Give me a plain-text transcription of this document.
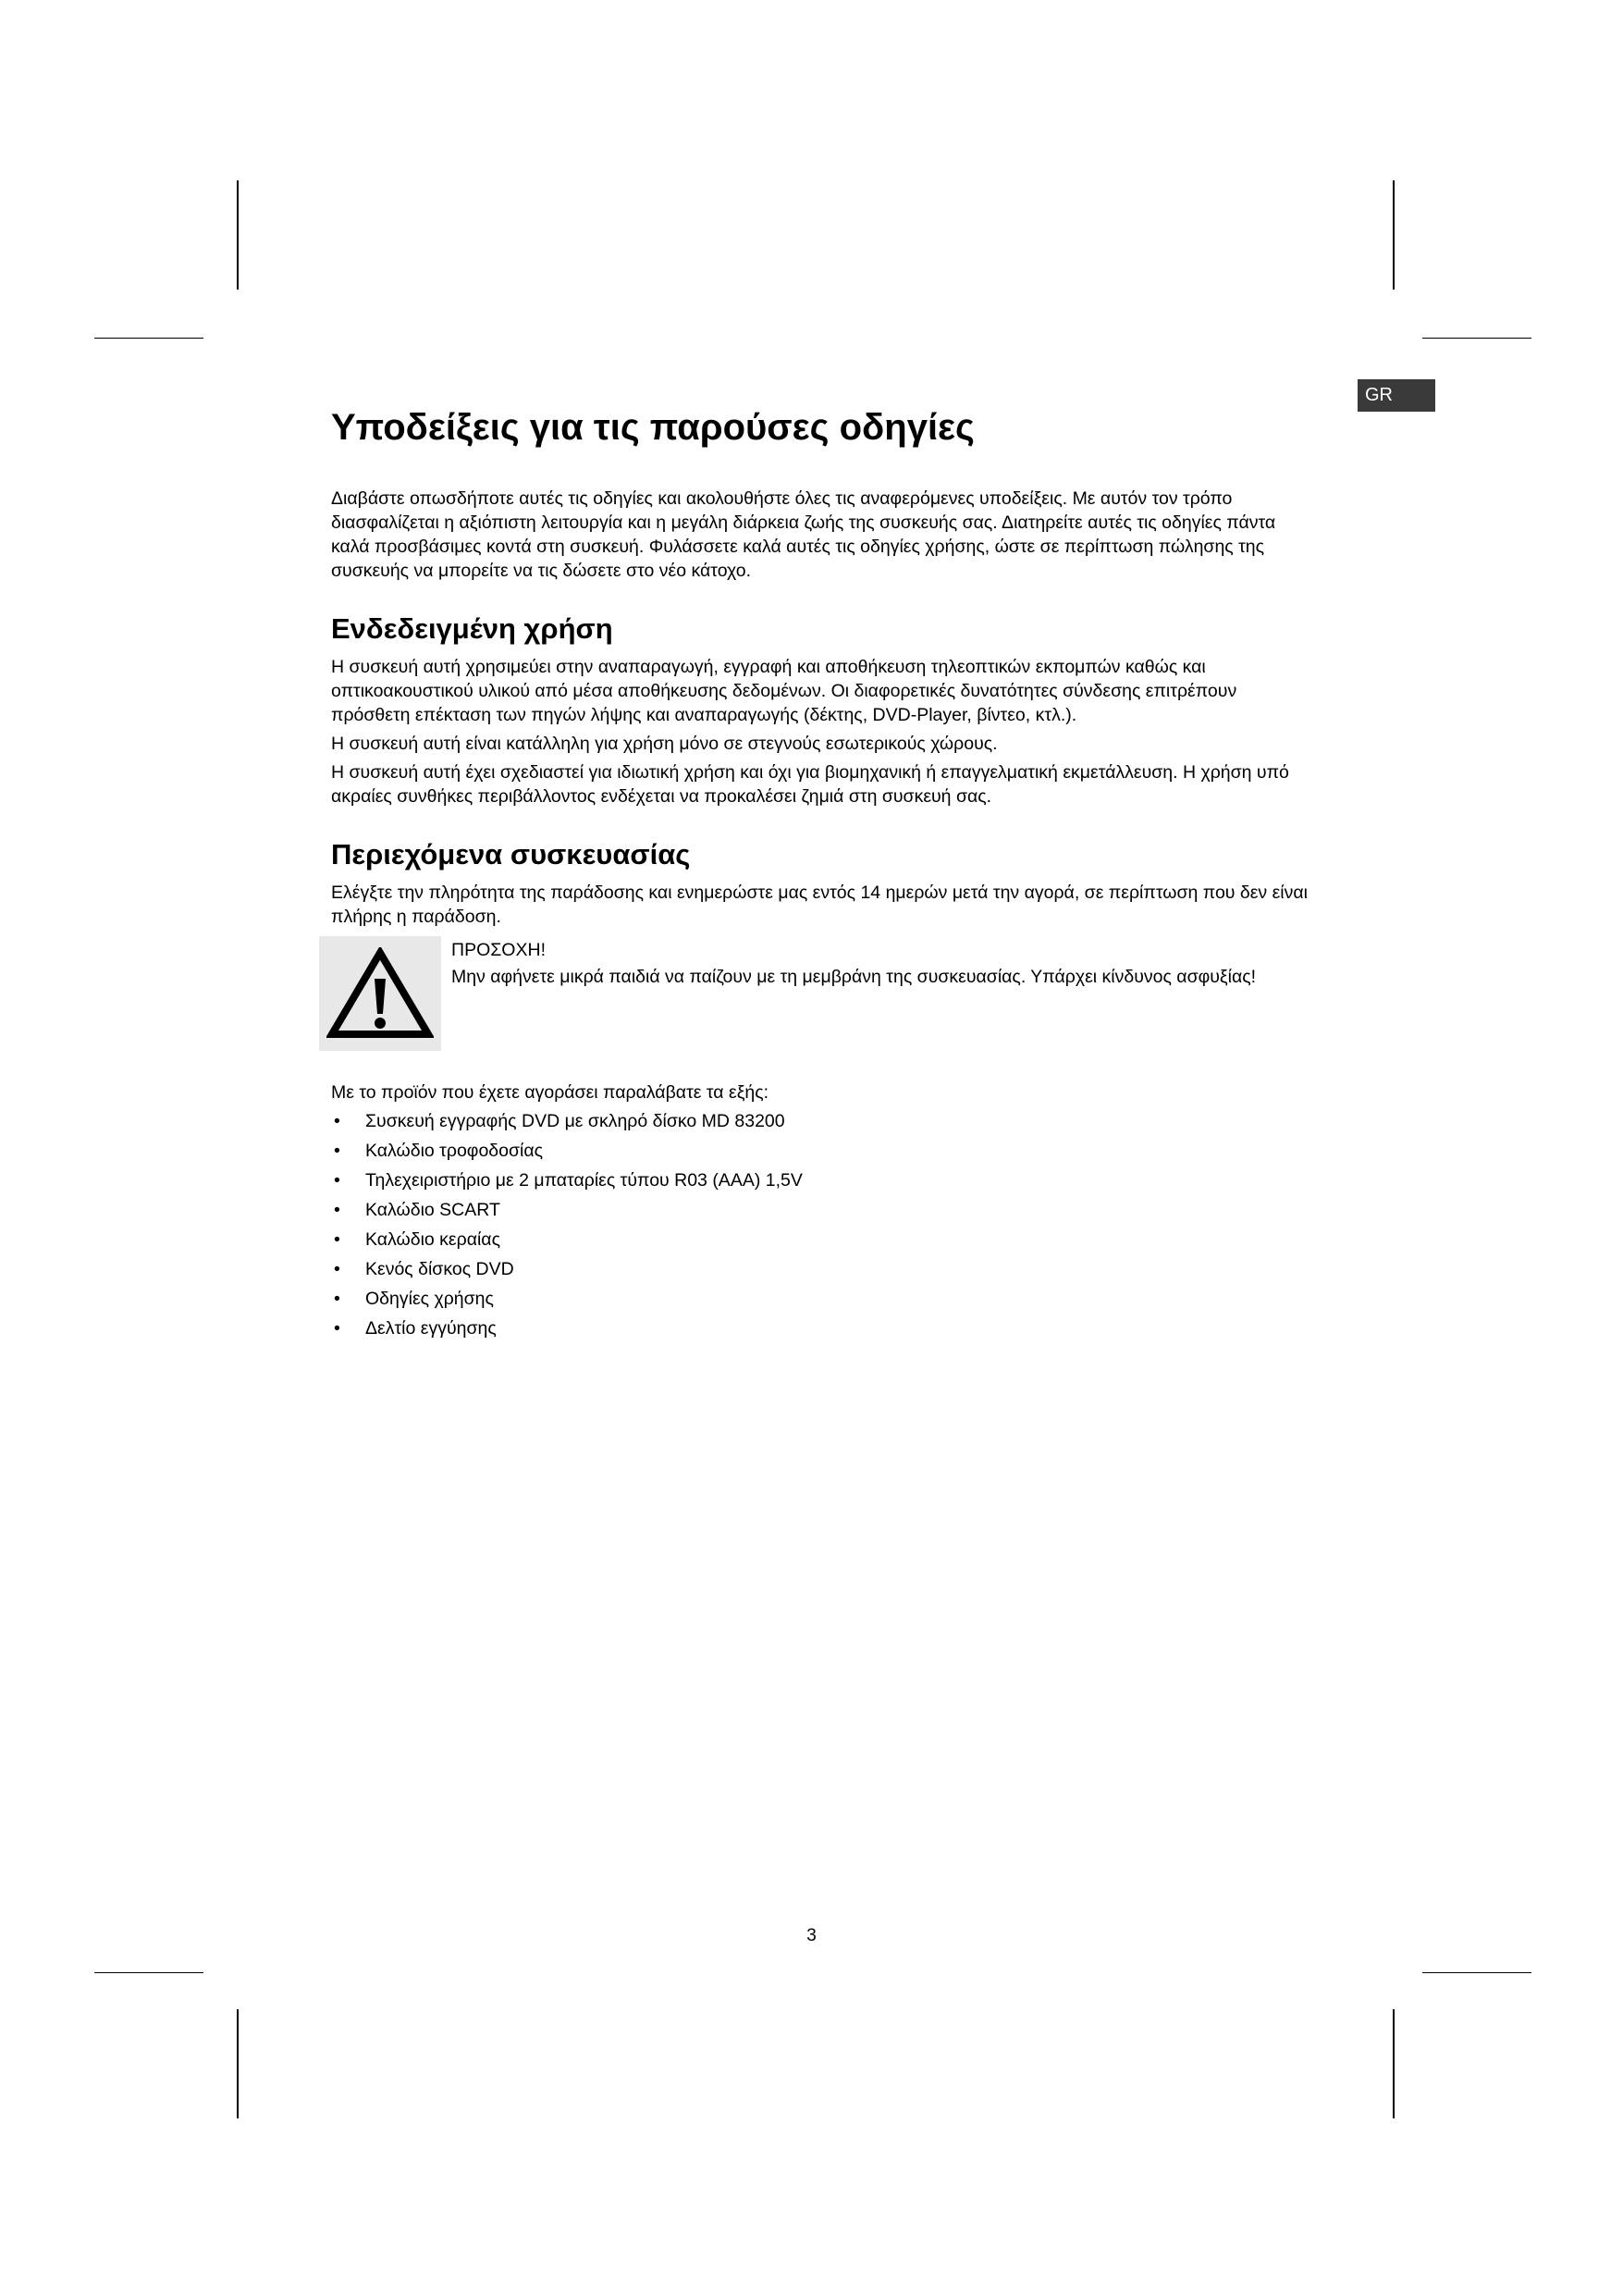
GR
Υποδείξεις για τις παρούσες οδηγίες

Διαβάστε οπωσδήποτε αυτές τις οδηγίες και ακολουθήστε όλες τις αναφερόμενες υποδείξεις. Με αυτόν τον τρόπο διασφαλίζεται η αξιόπιστη λειτουργία και η μεγάλη διάρκεια ζωής της συσκευής σας. Διατηρείτε αυτές τις οδηγίες πάντα καλά προσβάσιμες κοντά στη συσκευή. Φυλάσσετε καλά αυτές τις οδηγίες χρήσης, ώστε σε περίπτωση πώλησης της συσκευής να μπορείτε να τις δώσετε στο νέο κάτοχο.

Ενδεδειγμένη χρήση

Η συσκευή αυτή χρησιμεύει στην αναπαραγωγή, εγγραφή και αποθήκευση τηλεοπτικών εκπομπών καθώς και οπτικοακουστικού υλικού από μέσα αποθήκευσης δεδομένων. Οι διαφορετικές δυνατότητες σύνδεσης επιτρέπουν πρόσθετη επέκταση των πηγών λήψης και αναπαραγωγής (δέκτης, DVD-Player, βίντεο, κτλ.).

Η συσκευή αυτή είναι κατάλληλη για χρήση μόνο σε στεγνούς εσωτερικούς χώρους.

Η συσκευή αυτή έχει σχεδιαστεί για ιδιωτική χρήση και όχι για βιομηχανική ή επαγγελματική εκμετάλλευση. Η χρήση υπό ακραίες συνθήκες περιβάλλοντος ενδέχεται να προκαλέσει ζημιά στη συσκευή σας.

Περιεχόμενα συσκευασίας

Ελέγξτε την πληρότητα της παράδοσης και ενημερώστε μας εντός 14 ημερών μετά την αγορά, σε περίπτωση που δεν είναι πλήρης η παράδοση.

ΠΡΟΣΟΧΗ!

Μην αφήνετε μικρά παιδιά να παίζουν με τη μεμβράνη της συσκευασίας. Υπάρχει κίνδυνος ασφυξίας!

Με το προϊόν που έχετε αγοράσει παραλάβατε τα εξής:

• Συσκευή εγγραφής DVD με σκληρό δίσκο MD 83200
• Καλώδιο τροφοδοσίας
• Τηλεχειριστήριο με 2 μπαταρίες τύπου R03 (AAA) 1,5V
• Καλώδιο SCART
• Καλώδιο κεραίας
• Κενός δίσκος DVD
• Οδηγίες χρήσης
• Δελτίο εγγύησης
3
